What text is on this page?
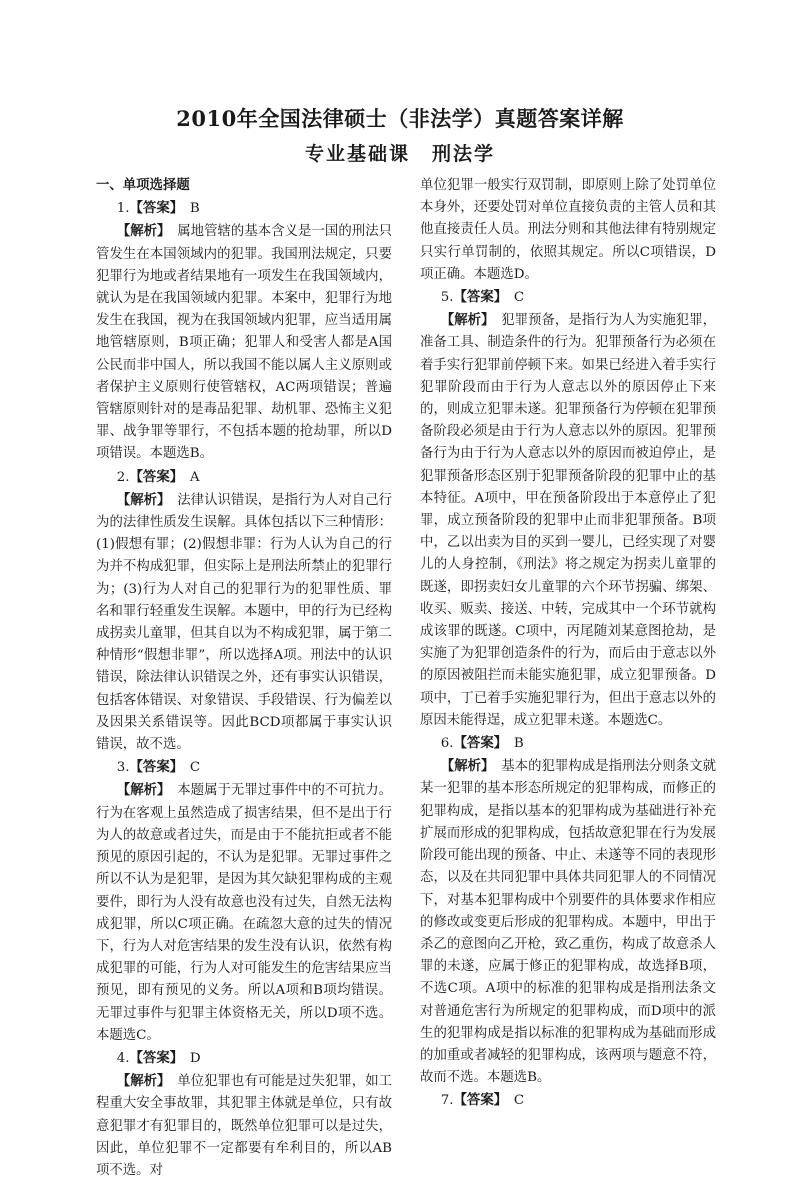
2010年全国法律硕士（非法学）真题答案详解
专业基础课 刑法学

一、单项选择题

1.【答案】  B

【解析】  属地管辖的基本含义是一国的刑法只管发生在本国领域内的犯罪。我国刑法规定，只要犯罪行为地或者结果地有一项发生在我国领域内，就认为是在我国领域内犯罪。本案中，犯罪行为地发生在我国，视为在我国领域内犯罪，应当适用属地管辖原则，B项正确；犯罪人和受害人都是A国公民而非中国人，所以我国不能以属人主义原则或者保护主义原则行使管辖权，AC两项错误；普遍管辖原则针对的是毒品犯罪、劫机罪、恐怖主义犯罪、战争罪等罪行，不包括本题的抢劫罪，所以D项错误。本题选B。

2.【答案】  A

【解析】  法律认识错误，是指行为人对自己行为的法律性质发生误解。具体包括以下三种情形：(1)假想有罪；(2)假想非罪：行为人认为自己的行为并不构成犯罪，但实际上是刑法所禁止的犯罪行为；(3)行为人对自己的犯罪行为的犯罪性质、罪名和罪行轻重发生误解。本题中，甲的行为已经构成拐卖儿童罪，但其自以为不构成犯罪，属于第二种情形“假想非罪”，所以选择A项。刑法中的认识错误，除法律认识错误之外，还有事实认识错误，包括客体错误、对象错误、手段错误、行为偏差以及因果关系错误等。因此BCD项都属于事实认识错误，故不选。

3.【答案】  C

【解析】  本题属于无罪过事件中的不可抗力。行为在客观上虽然造成了损害结果，但不是出于行为人的故意或者过失，而是由于不能抗拒或者不能预见的原因引起的，不认为是犯罪。无罪过事件之所以不认为是犯罪，是因为其欠缺犯罪构成的主观要件，即行为人没有故意也没有过失，自然无法构成犯罪，所以C项正确。在疏忽大意的过失的情况下，行为人对危害结果的发生没有认识，依然有构成犯罪的可能，行为人对可能发生的危害结果应当预见，即有预见的义务。所以A项和B项均错误。无罪过事件与犯罪主体资格无关，所以D项不选。本题选C。

4.【答案】  D

【解析】  单位犯罪也有可能是过失犯罪，如工程重大安全事故罪，其犯罪主体就是单位，只有故意犯罪才有犯罪目的，既然单位犯罪可以是过失，因此，单位犯罪不一定都要有牟利目的，所以AB项不选。对

单位犯罪一般实行双罚制，即原则上除了处罚单位本身外，还要处罚对单位直接负责的主管人员和其他直接责任人员。刑法分则和其他法律有特别规定只实行单罚制的，依照其规定。所以C项错误，D项正确。本题选D。

5.【答案】  C

【解析】  犯罪预备，是指行为人为实施犯罪，准备工具、制造条件的行为。犯罪预备行为必须在着手实行犯罪前停顿下来。如果已经进入着手实行犯罪阶段而由于行为人意志以外的原因停止下来的，则成立犯罪未遂。犯罪预备行为停顿在犯罪预备阶段必须是由于行为人意志以外的原因。犯罪预备行为由于行为人意志以外的原因而被迫停止，是犯罪预备形态区别于犯罪预备阶段的犯罪中止的基本特征。A项中，甲在预备阶段出于本意停止了犯罪，成立预备阶段的犯罪中止而非犯罪预备。B项中，乙以出卖为目的买到一婴儿，已经实现了对婴儿的人身控制，《刑法》将之规定为拐卖儿童罪的既遂，即拐卖妇女儿童罪的六个环节拐骗、绑架、收买、贩卖、接送、中转，完成其中一个环节就构成该罪的既遂。C项中，丙尾随刘某意图抢劫，是实施了为犯罪创造条件的行为，而后由于意志以外的原因被阻拦而未能实施犯罪，成立犯罪预备。D项中，丁已着手实施犯罪行为，但出于意志以外的原因未能得逞，成立犯罪未遂。本题选C。

6.【答案】  B

【解析】  基本的犯罪构成是指刑法分则条文就某一犯罪的基本形态所规定的犯罪构成，而修正的犯罪构成，是指以基本的犯罪构成为基础进行补充扩展而形成的犯罪构成，包括故意犯罪在行为发展阶段可能出现的预备、中止、未遂等不同的表现形态，以及在共同犯罪中具体共同犯罪人的不同情况下，对基本犯罪构成中个别要件的具体要求作相应的修改或变更后形成的犯罪构成。本题中，甲出于杀乙的意图向乙开枪，致乙重伤，构成了故意杀人罪的未遂，应属于修正的犯罪构成，故选择B项，不选C项。A项中的标准的犯罪构成是指刑法条文对普通危害行为所规定的犯罪构成，而D项中的派生的犯罪构成是指以标准的犯罪构成为基础而形成的加重或者减轻的犯罪构成，该两项与题意不符，故而不选。本题选B。

7.【答案】  C
